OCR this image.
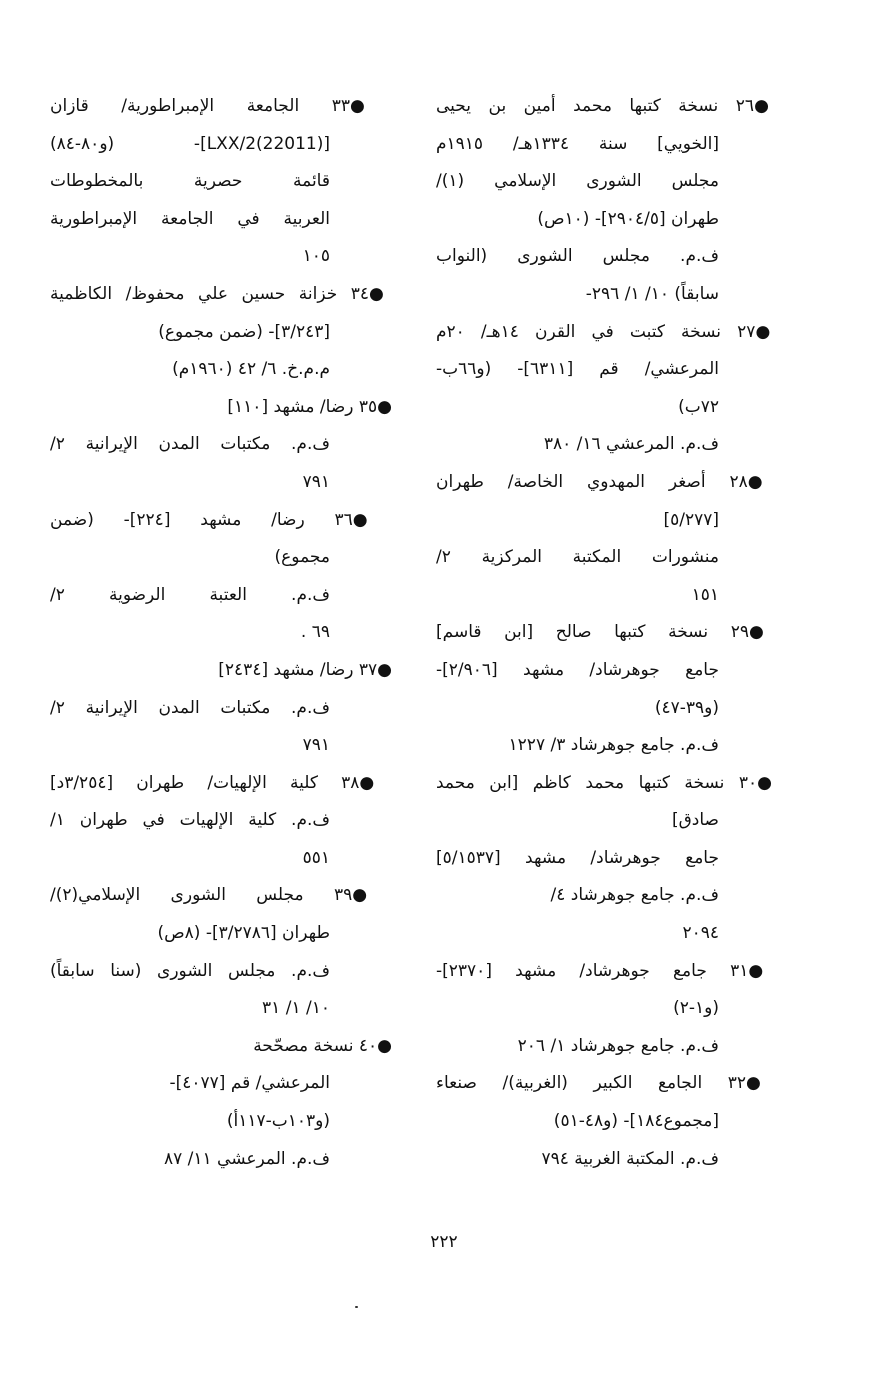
●٢٦ نسخة كتبها محمد أمين بن يحيى
[الخويي] سنة ١٣٣٤هـ/ ١٩١٥م
مجلس الشورى الإسلامي (١)/
طهران [٢٩٠٤/٥]- (١٠ص)
ف.م. مجلس الشورى (النواب
سابقاً) ١٠/ ١/ ٢٩٦-
●٢٧ نسخة كتبت في القرن ١٤هـ/ ٢٠م
المرعشي/ قم [٦٣١١]- (و٦٦ب-
٧٢ب)
ف.م. المرعشي ١٦/ ٣٨٠
●٢٨ أصغر المهدوي الخاصة/ طهران
[٥/٢٧٧]
منشورات المكتبة المركزية ٢/
١٥١
●٢٩ نسخة كتبها صالح [ابن قاسم]
جامع جوهرشاد/ مشهد [٢/٩٠٦]-
(و٣٩-٤٧)
ف.م. جامع جوهرشاد ٣/ ١٢٢٧
●٣٠ نسخة كتبها محمد كاظم [ابن محمد
صادق]
جامع جوهرشاد/ مشهد [٥/١٥٣٧]
ف.م. جامع جوهرشاد ٤/
٢٠٩٤
●٣١ جامع جوهرشاد/ مشهد [٢٣٧٠]-
(و١-٢)
ف.م. جامع جوهرشاد ١/ ٢٠٦
●٣٢ الجامع الكبير (الغربية)/ صنعاء
[مجموع١٨٤]- (و٤٨-٥١)
ف.م. المكتبة الغربية ٧٩٤
●٣٣ الجامعة الإمبراطورية/ قازان
[LXX/2(22011)]- (و٨٠-٨٤)
قائمة حصرية بالمخطوطات
العربية في الجامعة الإمبراطورية
١٠٥
●٣٤ خزانة حسين علي محفوظ/ الكاظمية
[٣/٢٤٣]- (ضمن مجموع)
م.م.خ. ٦/ ٤٢ (١٩٦٠م)
●٣٥ رضا/ مشهد [١١٠]
ف.م. مكتبات المدن الإيرانية ٢/
٧٩١
●٣٦ رضا/ مشهد [٢٢٤]- (ضمن
مجموع)
ف.م. العتبة الرضوية ٢/
٦٩ .
●٣٧ رضا/ مشهد [٢٤٣٤]
ف.م. مكتبات المدن الإيرانية ٢/
٧٩١
●٣٨ كلية الإلهيات/ طهران [٣/٢٥٤د]
ف.م. كلية الإلهيات في طهران ١/
٥٥١
●٣٩ مجلس الشورى الإسلامي(٢)/
طهران [٣/٢٧٨٦]- (٨ص)
ف.م. مجلس الشورى (سنا سابقاً)
١٠/ ١/ ٣١
●٤٠ نسخة مصحّحة
المرعشي/ قم [٤٠٧٧]-
(و١٠٣ب-١١٧أ)
ف.م. المرعشي ١١/ ٨٧
٢٢٢
